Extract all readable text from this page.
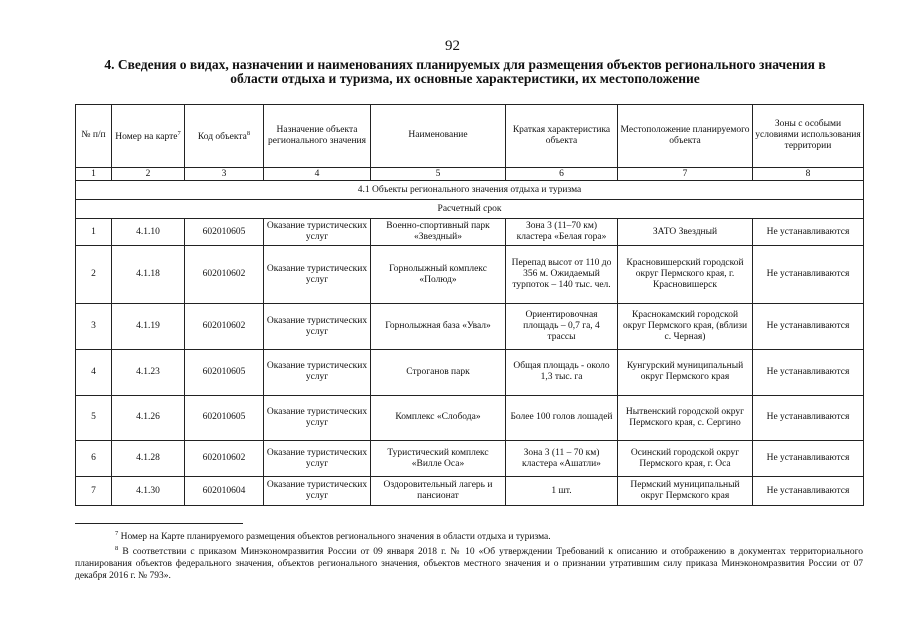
92
4. Сведения о видах, назначении и наименованиях планируемых для размещения объектов регионального значения в области отдыха и туризма, их основные характеристики, их местоположение
№ п/п	Номер на карте$^7$	Код объекта$^8$	Назначение объекта регионального значения	Наименование	Краткая характеристика объекта	Местоположение планируемого объекта	Зоны с особыми условиями использования территории
1	2	3	4	5	6	7	8
4.1 Объекты регионального значения отдыха и туризма							
Расчетный срок							
1	4.1.10	602010605	Оказание туристических услуг	Военно-спортивный парк «Звездный»	Зона 3 (11–70 км) кластера «Белая гора»	ЗАТО Звездный	Не устанавливаются
2	4.1.18	602010602	Оказание туристических услуг	Горнолыжный комплекс «Полюд»	Перепад высот от 110 до 356 м. Ожидаемый турпоток – 140 тыс. чел.	Красновишерский городской округ Пермского края, г. Красновишерск	Не устанавливаются
3	4.1.19	602010602	Оказание туристических услуг	Горнолыжная база «Увал»	Ориентировочная площадь – 0,7 га, 4 трассы	Краснокамский городской округ Пермского края, (вблизи с. Черная)	Не устанавливаются
4	4.1.23	602010605	Оказание туристических услуг	Строганов парк	Общая площадь - около 1,3 тыс. га	Кунгурский муниципальный округ Пермского края	Не устанавливаются
5	4.1.26	602010605	Оказание туристических услуг	Комплекс «Слобода»	Более 100 голов лошадей	Нытвенский городской округ Пермского края, с. Сергино	Не устанавливаются
6	4.1.28	602010602	Оказание туристических услуг	Туристический комплекс «Вилле Оса»	Зона 3 (11 – 70 км) кластера «Ашатли»	Осинский городской округ Пермского края, г. Оса	Не устанавливаются
7	4.1.30	602010604	Оказание туристических услуг	Оздоровительный лагерь и пансионат	1 шт.	Пермский муниципальный округ Пермского края	Не устанавливаются
$^7$ Номер на Карте планируемого размещения объектов регионального значения в области отдыха и туризма.
$^8$ В соответствии с приказом Минэкономразвития России от 09 января 2018 г. № 10 «Об утверждении Требований к описанию и отображению в документах территориального планирования объектов федерального значения, объектов регионального значения, объектов местного значения и о признании утратившим силу приказа Минэкономразвития России от 07 декабря 2016 г. № 793».
